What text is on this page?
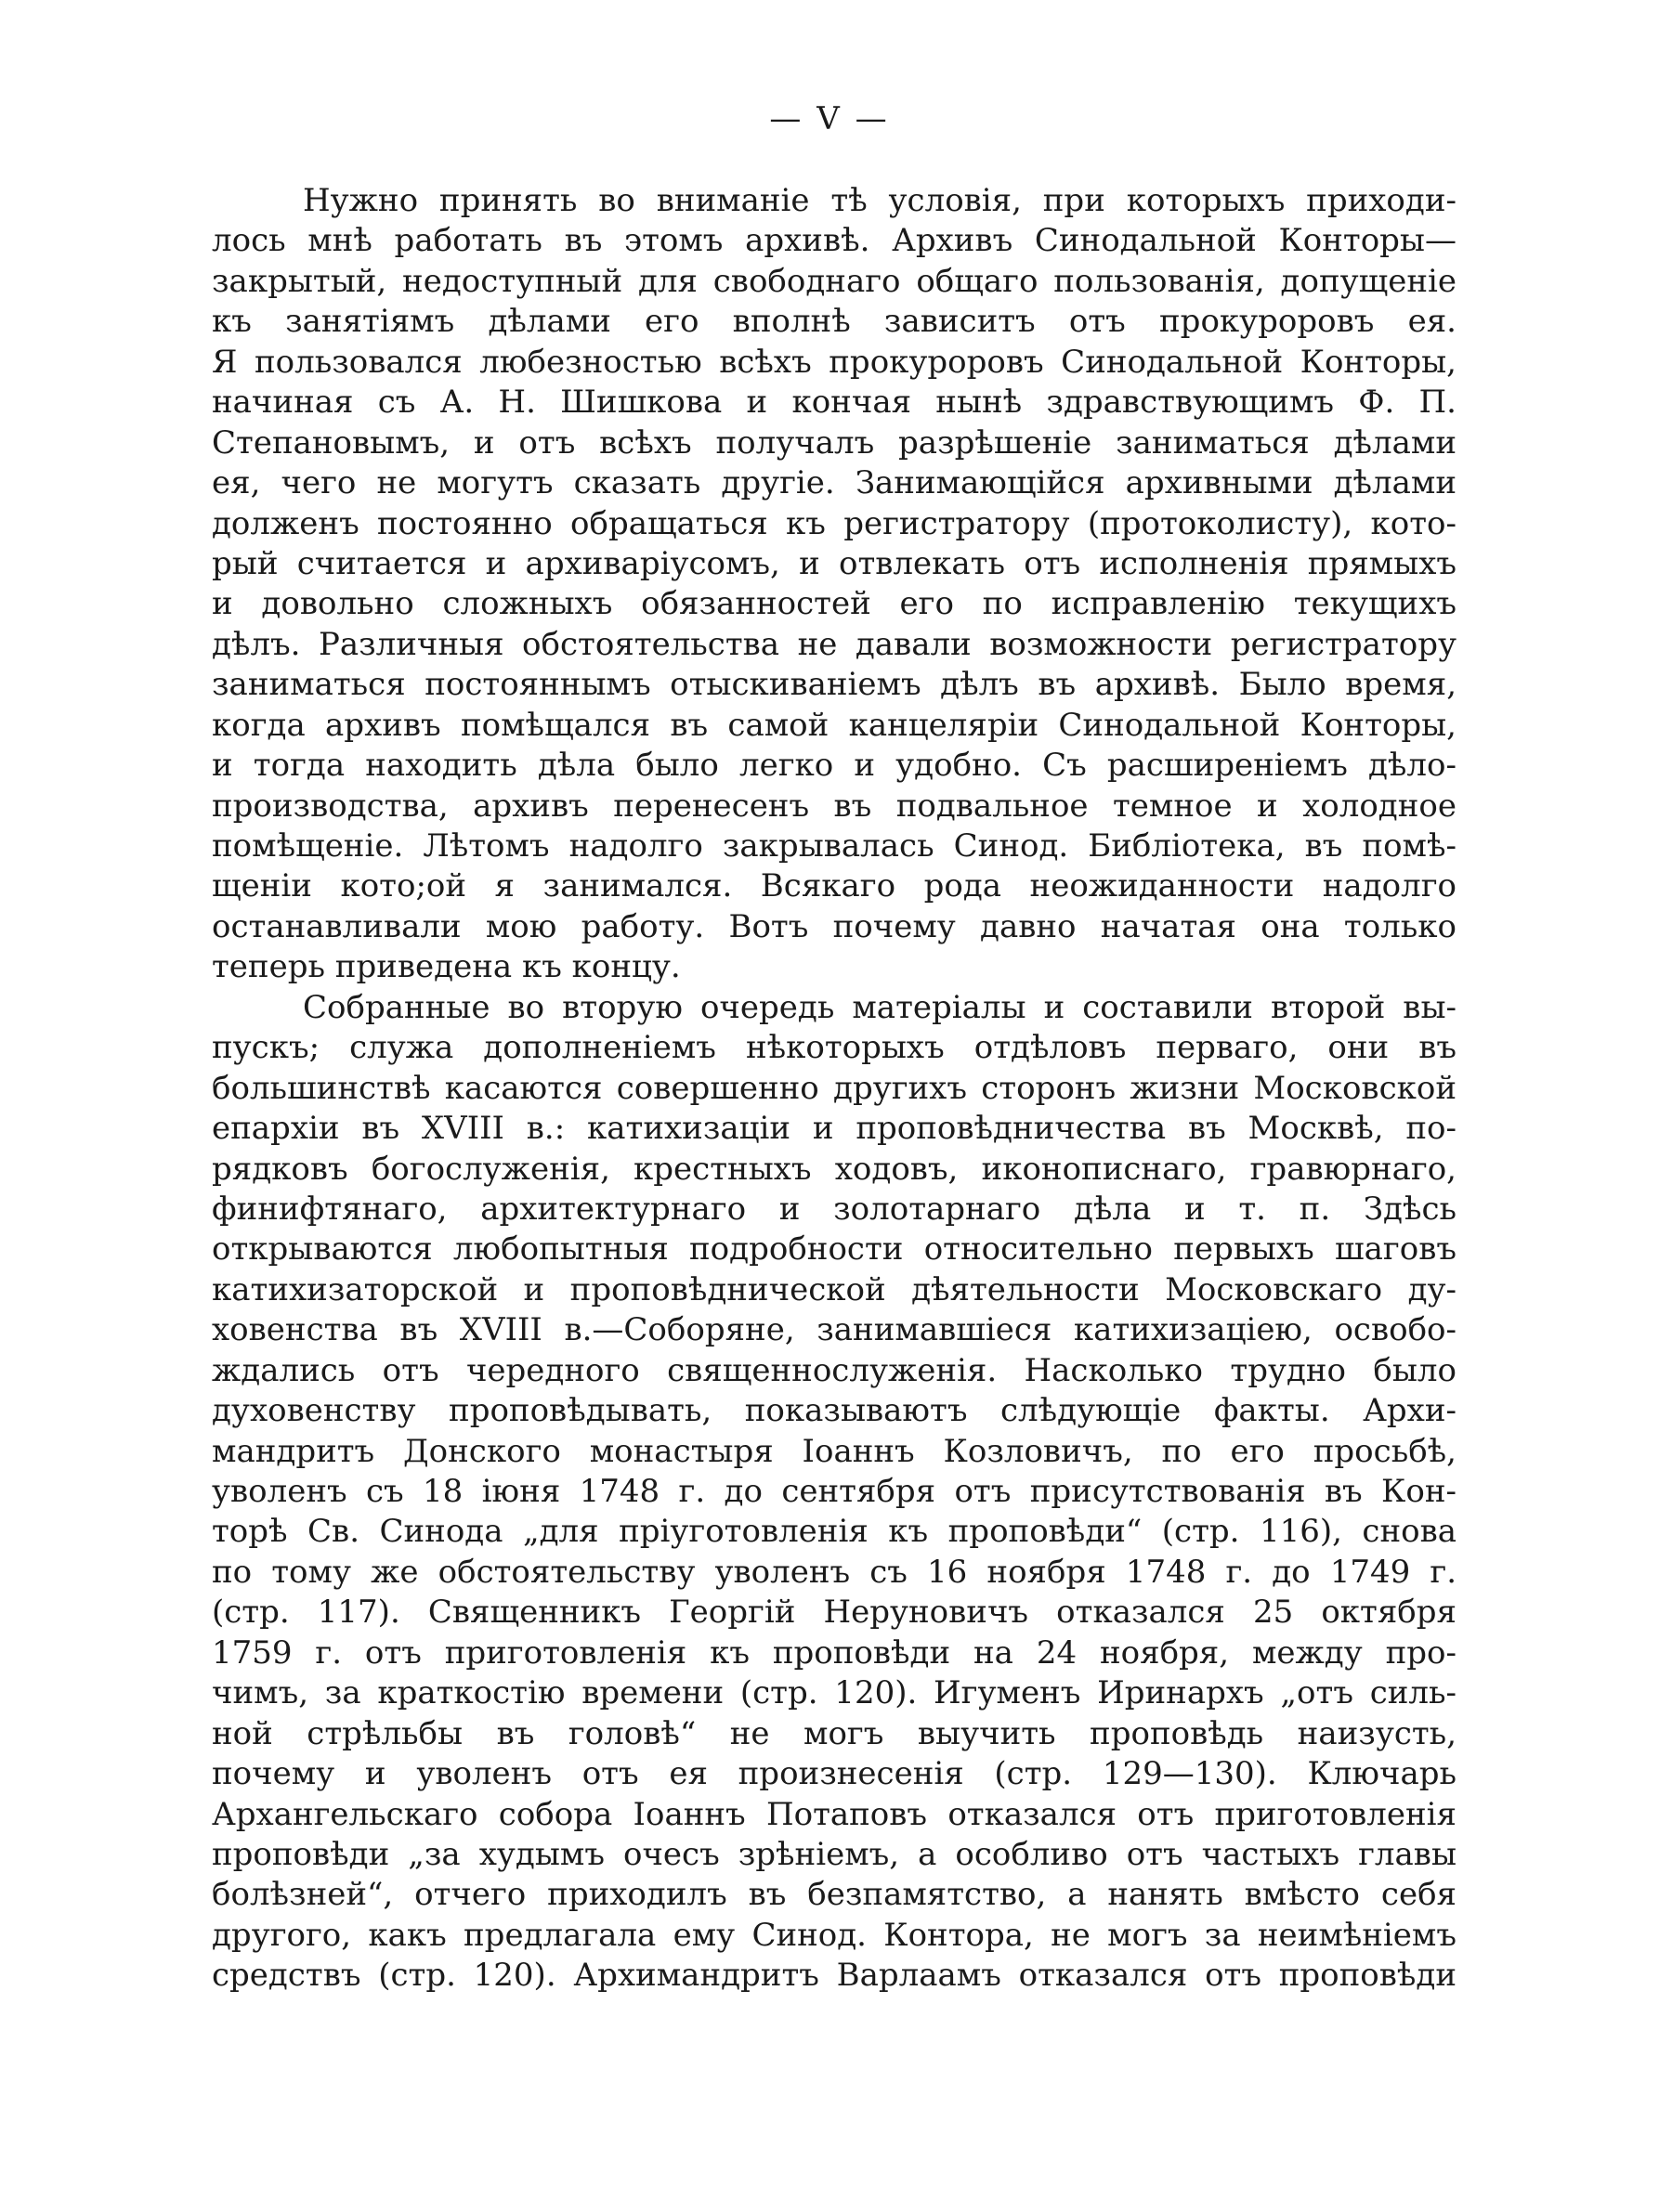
— V —
Нужно принять во вниманіе тѣ условія, при которыхъ приходи-
лось мнѣ работать въ этомъ архивѣ. Архивъ Синодальной Конторы—
закрытый, недоступный для свободнаго общаго пользованія, допущеніе
къ занятіямъ дѣлами его вполнѣ зависитъ отъ прокуроровъ ея.
Я пользовался любезностью всѣхъ прокуроровъ Синодальной Конторы,
начиная съ А. Н. Шишкова и кончая нынѣ здравствующимъ Ф. П.
Степановымъ, и отъ всѣхъ получалъ разрѣшеніе заниматься дѣлами
ея, чего не могутъ сказать другіе. Занимающійся архивными дѣлами
долженъ постоянно обращаться къ регистратору (протоколисту), кото-
рый считается и архиваріусомъ, и отвлекать отъ исполненія прямыхъ
и довольно сложныхъ обязанностей его по исправленію текущихъ
дѣлъ. Различныя обстоятельства не давали возможности регистратору
заниматься постояннымъ отыскиваніемъ дѣлъ въ архивѣ. Было время,
когда архивъ помѣщался въ самой канцеляріи Синодальной Конторы,
и тогда находить дѣла было легко и удобно. Съ расширеніемъ дѣло-
производства, архивъ перенесенъ въ подвальное темное и холодное
помѣщеніе. Лѣтомъ надолго закрывалась Синод. Библіотека, въ помѣ-
щеніи кото;ой я занимался. Всякаго рода неожиданности надолго
останавливали мою работу. Вотъ почему давно начатая она только
теперь приведена къ концу.
Собранные во вторую очередь матеріалы и составили второй вы-
пускъ; служа дополненіемъ нѣкоторыхъ отдѣловъ перваго, они въ
большинствѣ касаются совершенно другихъ сторонъ жизни Московской
епархіи въ XVIII в.: катихизаціи и проповѣдничества въ Москвѣ, по-
рядковъ богослуженія, крестныхъ ходовъ, иконописнаго, гравюрнаго,
финифтянаго, архитектурнаго и золотарнаго дѣла и т. п. Здѣсь
открываются любопытныя подробности относительно первыхъ шаговъ
катихизаторской и проповѣднической дѣятельности Московскаго ду-
ховенства въ XVIII в.—Соборяне, занимавшіеся катихизаціею, освобо-
ждались отъ чередного священнослуженія. Насколько трудно было
духовенству проповѣдывать, показываютъ слѣдующіе факты. Архи-
мандритъ Донского монастыря Іоаннъ Козловичъ, по его просьбѣ,
уволенъ съ 18 іюня 1748 г. до сентября отъ присутствованія въ Кон-
торѣ Св. Синода „для пріуготовленія къ проповѣди“ (стр. 116), снова
по тому же обстоятельству уволенъ съ 16 ноября 1748 г. до 1749 г.
(стр. 117). Священникъ Георгій Неруновичъ отказался 25 октября
1759 г. отъ приготовленія къ проповѣди на 24 ноября, между про-
чимъ, за краткостію времени (стр. 120). Игуменъ Иринархъ „отъ силь-
ной стрѣльбы въ головѣ“ не могъ выучить проповѣдь наизусть,
почему и уволенъ отъ ея произнесенія (стр. 129—130). Ключарь
Архангельскаго собора Іоаннъ Потаповъ отказался отъ приготовленія
проповѣди „за худымъ очесъ зрѣніемъ, а особливо отъ частыхъ главы
болѣзней“, отчего приходилъ въ безпамятство, а нанять вмѣсто себя
другого, какъ предлагала ему Синод. Контора, не могъ за неимѣніемъ
средствъ (стр. 120). Архимандритъ Варлаамъ отказался отъ проповѣди
